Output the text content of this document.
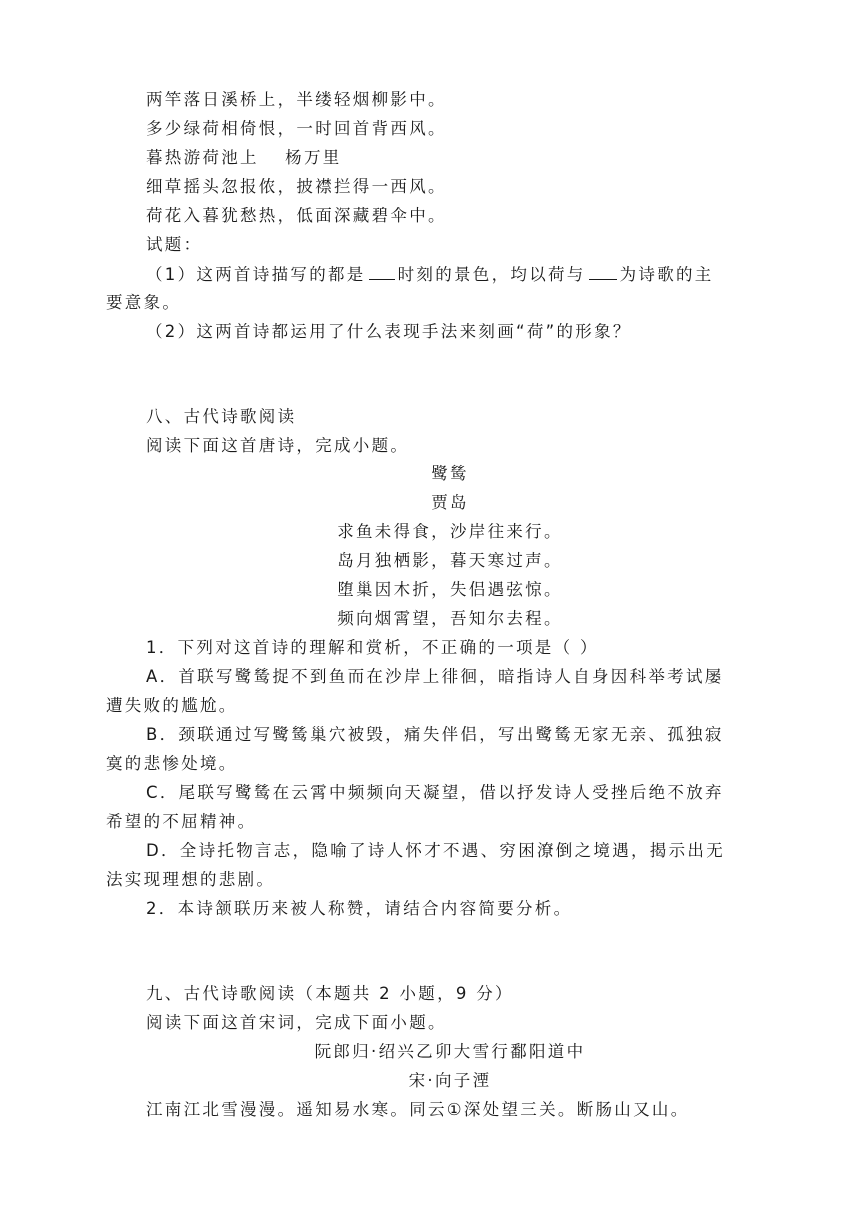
两竿落日溪桥上，半缕轻烟柳影中。
多少绿荷相倚恨，一时回首背西风。
暮热游荷池上　 杨万里
细草摇头忽报侬，披襟拦得一西风。
荷花入暮犹愁热，低面深藏碧伞中。
试题：
（1）这两首诗描写的都是 时刻的景色，均以荷与 为诗歌的主
要意象。
（2）这两首诗都运用了什么表现手法来刻画“荷”的形象？
八、古代诗歌阅读
阅读下面这首唐诗，完成小题。
鹭鸶
贾岛
求鱼未得食，沙岸往来行。
岛月独栖影，暮天寒过声。
堕巢因木折，失侣遇弦惊。
频向烟霄望，吾知尔去程。
1．下列对这首诗的理解和赏析，不正确的一项是（ ）
A．首联写鹭鸶捉不到鱼而在沙岸上徘徊，暗指诗人自身因科举考试屡
遭失败的尴尬。
B．颈联通过写鹭鸶巢穴被毁，痛失伴侣，写出鹭鸶无家无亲、孤独寂
寞的悲惨处境。
C．尾联写鹭鸶在云霄中频频向天凝望，借以抒发诗人受挫后绝不放弃
希望的不屈精神。
D．全诗托物言志，隐喻了诗人怀才不遇、穷困潦倒之境遇，揭示出无
法实现理想的悲剧。
2．本诗颔联历来被人称赞，请结合内容简要分析。
九、古代诗歌阅读（本题共 2 小题，9 分）
阅读下面这首宋词，完成下面小题。
阮郎归·绍兴乙卯大雪行鄱阳道中
宋·向子湮
江南江北雪漫漫。遥知易水寒。同云①深处望三关。断肠山又山。
